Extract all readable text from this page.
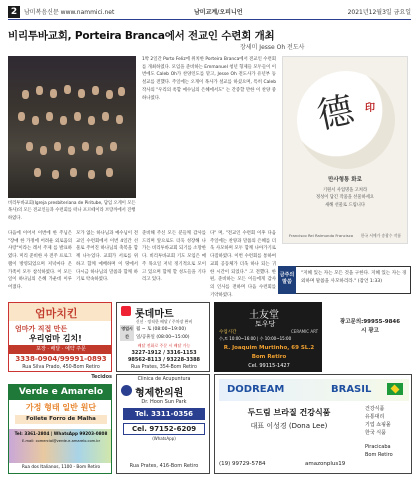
2	남미복음신문 www.nammici.net	남미교계/오피니언	2021년12월3일 금요일
비리투바교회, Porteira Branca에서 전교인 수련회 개최
장세미 Jesse Oh 전도사
비리투바교회(Igreja presbiteriana de Piritube, 담임 오게이 모든 목사)의 모든 전교인들과 수련회를 떠나 포르떼이라 브랑까에서 진행하였다.
다음에 이어서 이번에 한 주님은 "장애 한 가정에 어려운 외로움의 사랑"이라는 레서 주제 를 발표하였다. 미리 준비한 사 전주 프로그램이 방영되었으며 저녁마다 온 가족이 모두 참석하였다. 이 모든 일이 하나님의 은혜 가운데 이루어졌다.
모가 없는 하나님과 예수님이 전교인 수련회에서 이번 4일간 선물로 주어진 하나님의 축복을 함께 나누었다. 교회가 서로를 위하고 함께 예배하며 이 땅에서 다시금 하나님의 말씀과 함께 하기로 약속하였다.
1박 2일간 Porto Feliz에 위치한 Porteira Branca에서 전교인 수련회를 개최하였다. 모임을 준비하는 Emmanuel 청년 형제들 모두들이 이번에도 Caleb Oh가 찬양인도를 맡고, Jesse Oh 전도사가 유년부 등 설교를 전했다. 주일에는 오게이 목사가 설교를 하셨으며, 특히 Caleb 작사의 "우리의 옥합 예수님의 은혜에서도" 는 간증할 만한 이 찬양 중 하나였다.
준비해 주신 모든 분들께 감사를 드리며 앞으로도 더욱 성장해 나가는 비리투바교회 되기를 소망한다. 비리투바교회 기도 모임은 매주 목요일 저녁 정기적으로 모이고 있으며 함께 할 성도들을 기다리고 있다.
다" 며, "전교인 수련회 이후 다음 주일에는 찬양과 말씀의 은혜를 더욱 사모하며 모두 함께 나아가기로 다짐하였다. 이번 수련회를 통하여 교회 공동체가 더욱 하나 되는 귀한 시간이 되었다." 고 전했다. 한편, 준비하는 모든 이들에게 감사의 인사를 전하며 다음 수련회를 기약하였다.
德 印
만사형통 화로
기원서 사업명을 고쳐라
정성이 담긴 작품을 선물하세요
새해 선물로 드립니다
Francisco Rei Raimundo Francisco 한국 서예가 송광수 작품
"지혜 있는 자는 모든 것을 구한다. 지혜 있는 자는 경외하며 말씀을 사모하리라." (잠언 1:33)
금주의 말씀
엄마치킨
엄마가 직접 만든
우리엄마 김치!
포장 · 배달 · 예약 주문
3338-0904/99991-0893
Rua Silva Prado, 450-Bom Retiro
롯데마트
신선 · 정직한 배달 / 주차장 완비
영업시간
월 ~ 토 (08:00~19:00)
일/공휴일 (08:00~15:00)
배달 전화로 주문 시 배달 가능
3227-1912 / 3316-1153
98562-8113 / 93228-3388
Rua Prates, 354-Bom Retiro
土友堂
토우당
CERAMIC ART
수업시간
수,토 10:00~16:00 | 수 10:00~15:00
R. Joaquim Murtinho, 69 SL.2
Bom Retiro
Cel. 99115-1427
광고문의:99955-9846
시 광고
Tecidos
Verde e Amarelo
가정 형태 일반 원단
Foilete Forro de Malha
Tel: 3361-2804 | WhatsApp 99203-0808
E-mail: comercial@verde-e-amarelo.com.br
Rua dos Italianos, 1100 - Bom Retiro
Clinica de Acupuntura
형제한의원
Dr. Hoon Sun Park
Tel. 3311-0356
Cel. 97152-6209
(WhatsApp)
Rua Prates, 416-Bom Retiro
DODREAM	BRASIL
두드림 브라질 건강식품
대표 이성경 (Dona Lee)
(19) 99729-5784	amazonplus19
건강식품
유통대리
기업 쇼핑몰
한국 식품
Piracicaba
Bom Retiro
